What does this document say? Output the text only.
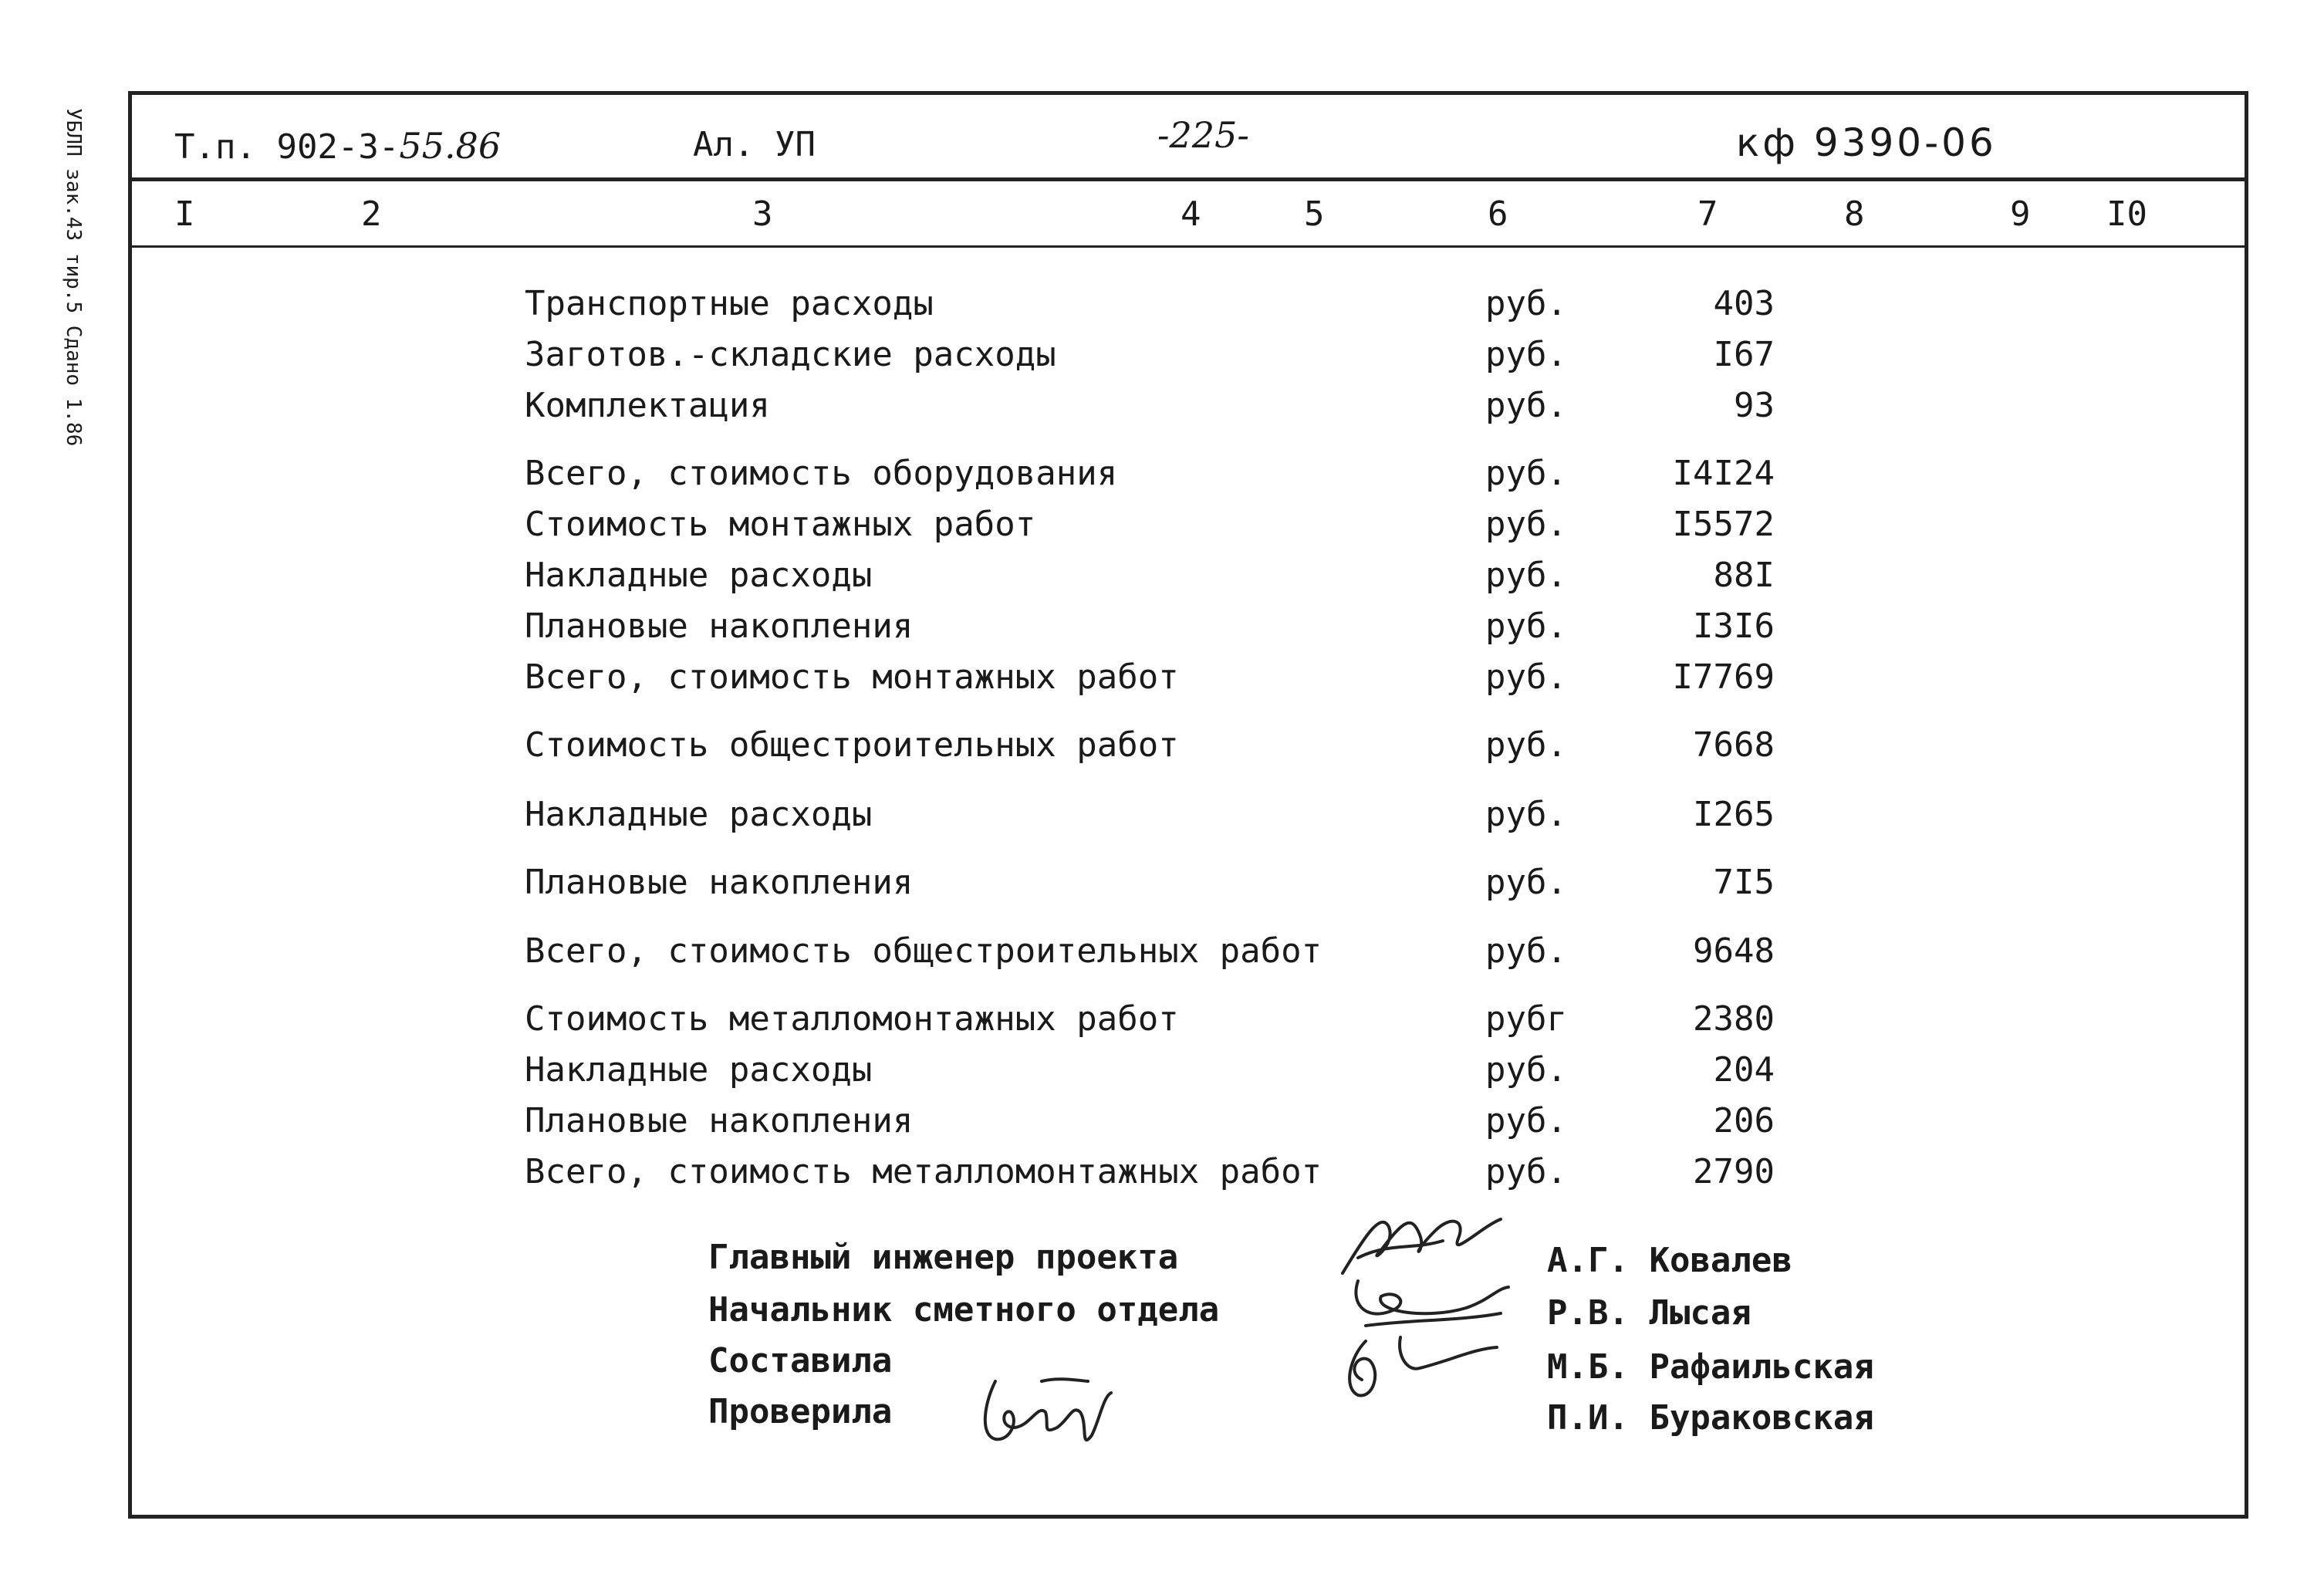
УБЛП зак.43 тир.5 Сдано 1.86	Т.п. 902-3-55.86	Ал. УП	-225-	кф 9390-06
I	2	3	4	5	6	7	8	9 I0
Транспортные расходы	руб.	403
Заготов.-складские расходы	руб.	I67
Комплектация	руб.	93
Всего, стоимость оборудования	руб.	I4I24
Стоимость монтажных работ	руб.	I5572
Накладные расходы	руб.	88I
Плановые накопления	руб.	I3I6
Всего, стоимость монтажных работ	руб.	I7769
Стоимость общестроительных работ	руб.	7668
Накладные расходы	руб.	I265
Плановые накопления	руб.	7I5
Всего, стоимость общестроительных работ	руб.	9648
Стоимость металломонтажных работ	рубг	2380
Накладные расходы	руб.	204
Плановые накопления	руб.	206
Всего, стоимость металломонтажных работ	руб.	2790
Главный инженер проекта	А.Г. Ковалев
Начальник сметного отдела	Р.В. Лысая
Составила	М.Б. Рафаильская
Проверила	П.И. Бураковская
